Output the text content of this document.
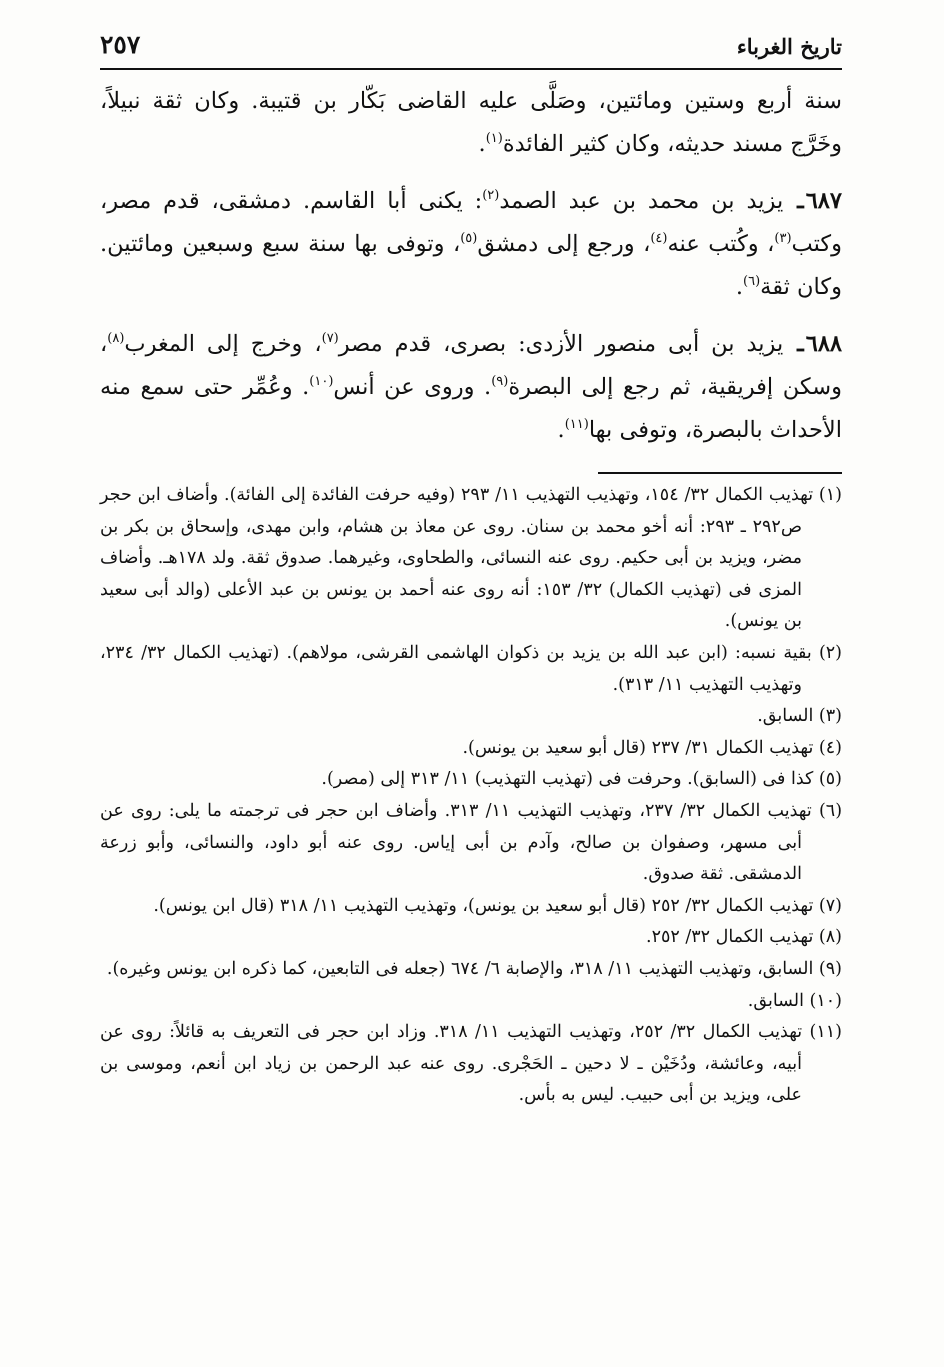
تاريخ الغرباء
٢٥٧

سنة أربع وستين ومائتين، وصَلَّى عليه القاضى بَكّار بن قتيبة. وكان ثقة نبيلاً، وخَرَّج مسند حديثه، وكان كثير الفائدة$^{(١)}$.

٦٨٧ـ يزيد بن محمد بن عبد الصمد$^{(٢)}$: يكنى أبا القاسم. دمشقى، قدم مصر، وكتب$^{(٣)}$، وكُتب عنه$^{(٤)}$، ورجع إلى دمشق$^{(٥)}$، وتوفى بها سنة سبع وسبعين ومائتين. وكان ثقة$^{(٦)}$.

٦٨٨ـ يزيد بن أبى منصور الأزدى: بصرى، قدم مصر$^{(٧)}$، وخرج إلى المغرب$^{(٨)}$، وسكن إفريقية، ثم رجع إلى البصرة$^{(٩)}$. وروى عن أنس$^{(١٠)}$. وعُمِّر حتى سمع منه الأحداث بالبصرة، وتوفى بها$^{(١١)}$.

(١) تهذيب الكمال ٣٢/ ١٥٤، وتهذيب التهذيب ١١/ ٢٩٣ (وفيه حرفت الفائدة إلى الفائة). وأضاف ابن حجر ص٢٩٢ ـ ٢٩٣: أنه أخو محمد بن سنان. روى عن معاذ بن هشام، وابن مهدى، وإسحاق بن بكر بن مضر، ويزيد بن أبى حكيم. روى عنه النسائى، والطحاوى، وغيرهما. صدوق ثقة. ولد ١٧٨هـ. وأضاف المزى فى (تهذيب الكمال) ٣٢/ ١٥٣: أنه روى عنه أحمد بن يونس بن عبد الأعلى (والد أبى سعيد بن يونس).

(٢) بقية نسبه: (ابن عبد الله بن يزيد بن ذكوان الهاشمى القرشى، مولاهم). (تهذيب الكمال ٣٢/ ٢٣٤، وتهذيب التهذيب ١١/ ٣١٣).

(٣) السابق.

(٤) تهذيب الكمال ٣١/ ٢٣٧ (قال أبو سعيد بن يونس).

(٥) كذا فى (السابق). وحرفت فى (تهذيب التهذيب) ١١/ ٣١٣ إلى (مصر).

(٦) تهذيب الكمال ٣٢/ ٢٣٧، وتهذيب التهذيب ١١/ ٣١٣. وأضاف ابن حجر فى ترجمته ما يلى: روى عن أبى مسهر، وصفوان بن صالح، وآدم بن أبى إياس. روى عنه أبو داود، والنسائى، وأبو زرعة الدمشقى. ثقة صدوق.

(٧) تهذيب الكمال ٣٢/ ٢٥٢ (قال أبو سعيد بن يونس)، وتهذيب التهذيب ١١/ ٣١٨ (قال ابن يونس).

(٨) تهذيب الكمال ٣٢/ ٢٥٢.

(٩) السابق، وتهذيب التهذيب ١١/ ٣١٨، والإصابة ٦/ ٦٧٤ (جعله فى التابعين، كما ذكره ابن يونس وغيره).

(١٠) السابق.

(١١) تهذيب الكمال ٣٢/ ٢٥٢، وتهذيب التهذيب ١١/ ٣١٨. وزاد ابن حجر فى التعريف به قائلاً: روى عن أبيه، وعائشة، ودُخَيْن ـ لا دحين ـ الحَجْرى. روى عنه عبد الرحمن بن زياد ابن أنعم، وموسى بن على، ويزيد بن أبى حبيب. ليس به بأس.
